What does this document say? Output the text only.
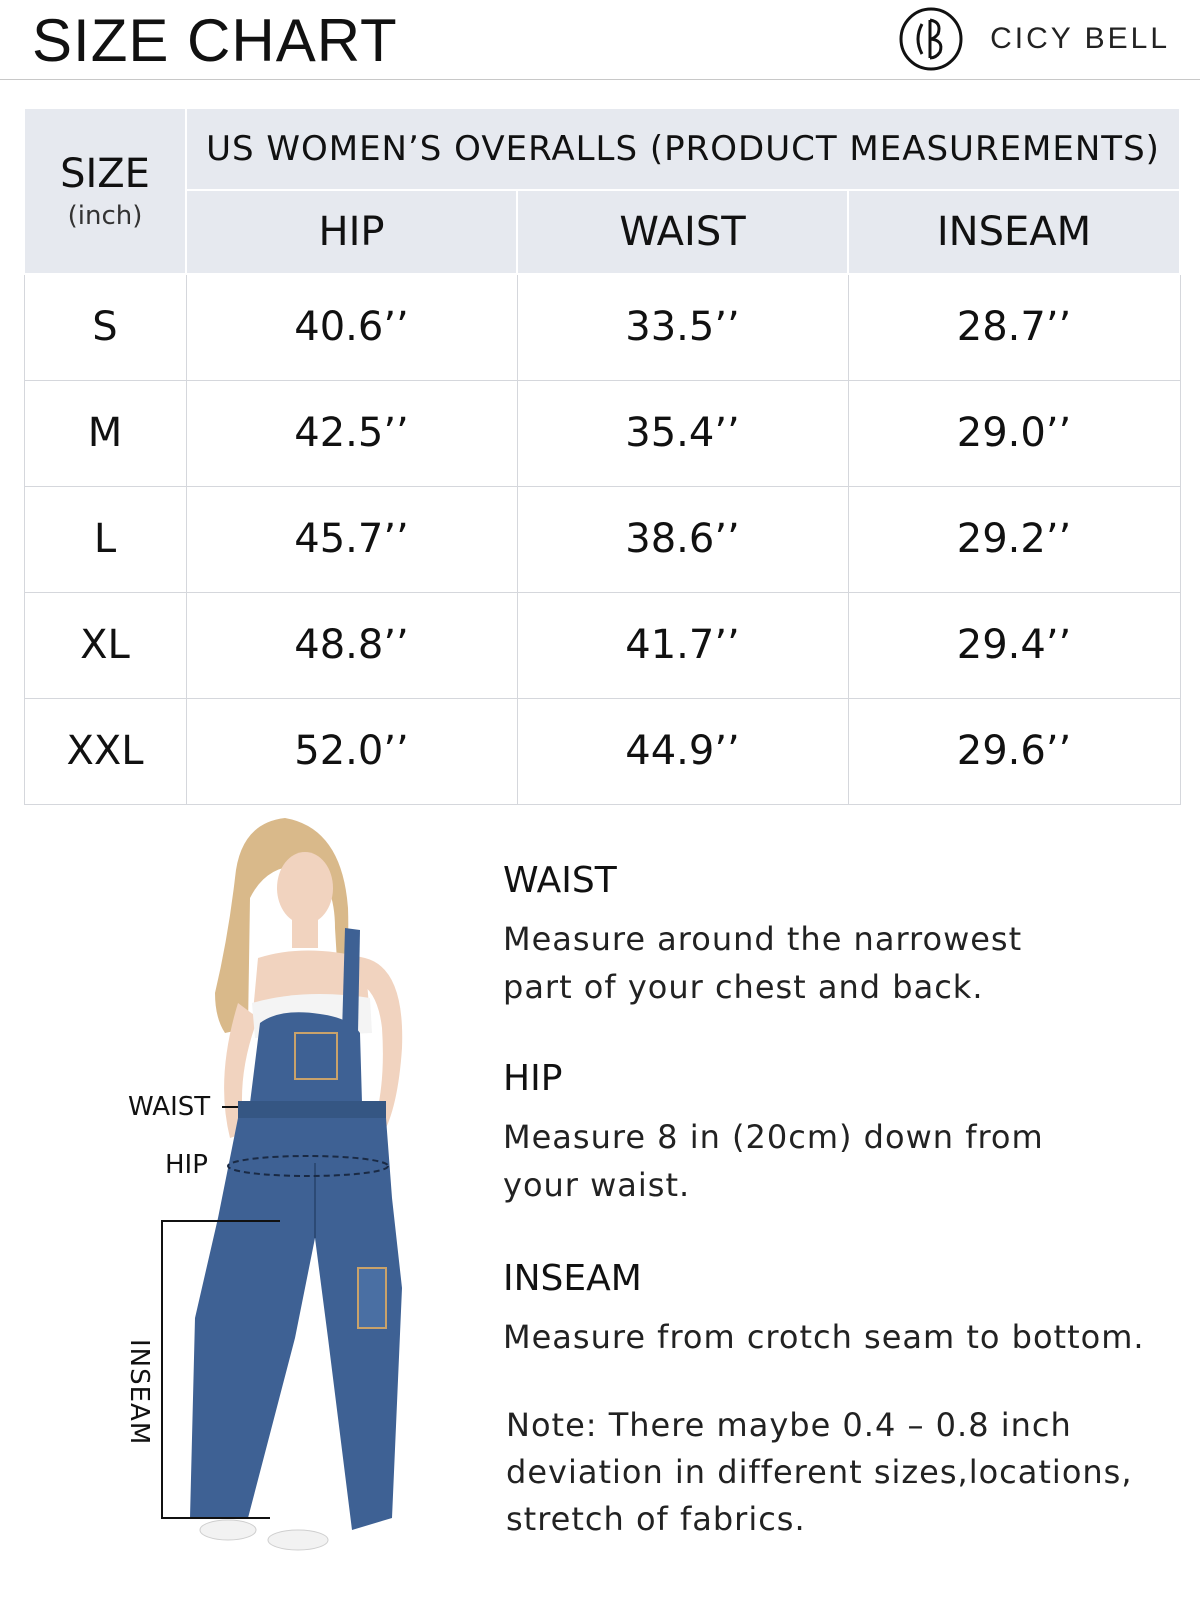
SIZE CHART	CICY BELL
SIZE
(inch)	US WOMEN’S OVERALLS (PRODUCT MEASUREMENTS)		
	HIP	WAIST	INSEAM
S	40.6’’	33.5’’	28.7’’
M	42.5’’	35.4’’	29.0’’
L	45.7’’	38.6’’	29.2’’
XL	48.8’’	41.7’’	29.4’’
XXL	52.0’’	44.9’’	29.6’’
WAIST
HIP
INSEAM
WAIST

Measure around the narrowest

part of your chest and back.

HIP

Measure 8 in (20cm) down from

your waist.

INSEAM

Measure from crotch seam to bottom.

Note: There maybe 0.4 – 0.8 inch

deviation in different sizes,locations,

stretch of fabrics.
